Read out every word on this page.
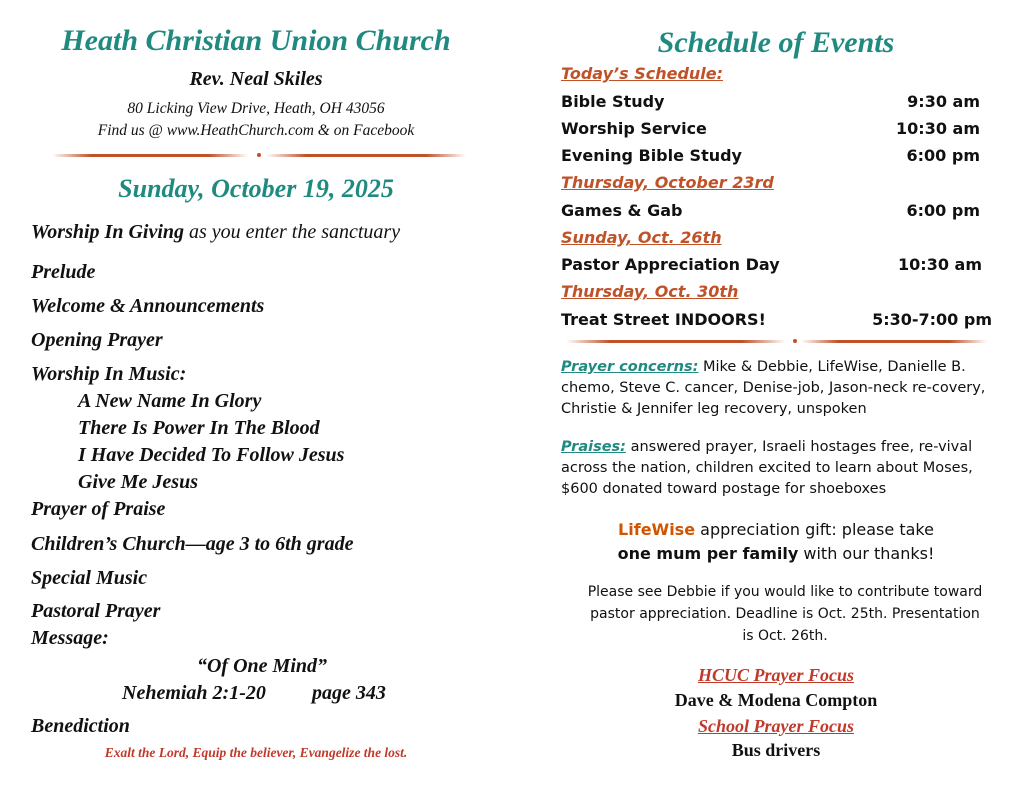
Heath Christian Union Church
Rev. Neal Skiles
80 Licking View Drive, Heath, OH 43056
Find us @ www.HeathChurch.com & on Facebook
Sunday, October 19, 2025
Worship In Giving as you enter the sanctuary
Prelude
Welcome & Announcements
Opening Prayer
Worship In Music:
A New Name In Glory
There Is Power In The Blood
I Have Decided To Follow Jesus
Give Me Jesus
Prayer of Praise
Children’s Church—age 3 to 6th grade
Special Music
Pastoral Prayer
Message:
“Of One Mind”
Nehemiah 2:1-20 page 343
Benediction
Exalt the Lord, Equip the believer, Evangelize the lost.
Schedule of Events
Today’s Schedule:
Bible Study	9:30 am
Worship Service	10:30 am
Evening Bible Study	6:00 pm
Thursday, October 23rd
Games & Gab	6:00 pm
Sunday, Oct. 26th
Pastor Appreciation Day	10:30 am
Thursday, Oct. 30th
Treat Street INDOORS!	5:30-7:00 pm
Prayer concerns: Mike & Debbie, LifeWise, Danielle B. chemo, Steve C. cancer, Denise-job, Jason-neck re-covery, Christie & Jennifer leg recovery, unspoken
Praises: answered prayer, Israeli hostages free, re-vival across the nation, children excited to learn about Moses, $600 donated toward postage for shoeboxes
LifeWise appreciation gift: please take
one mum per family with our thanks!
Please see Debbie if you would like to contribute toward pastor appreciation. Deadline is Oct. 25th. Presentation is Oct. 26th.
HCUC Prayer Focus
Dave & Modena Compton
School Prayer Focus
Bus drivers
